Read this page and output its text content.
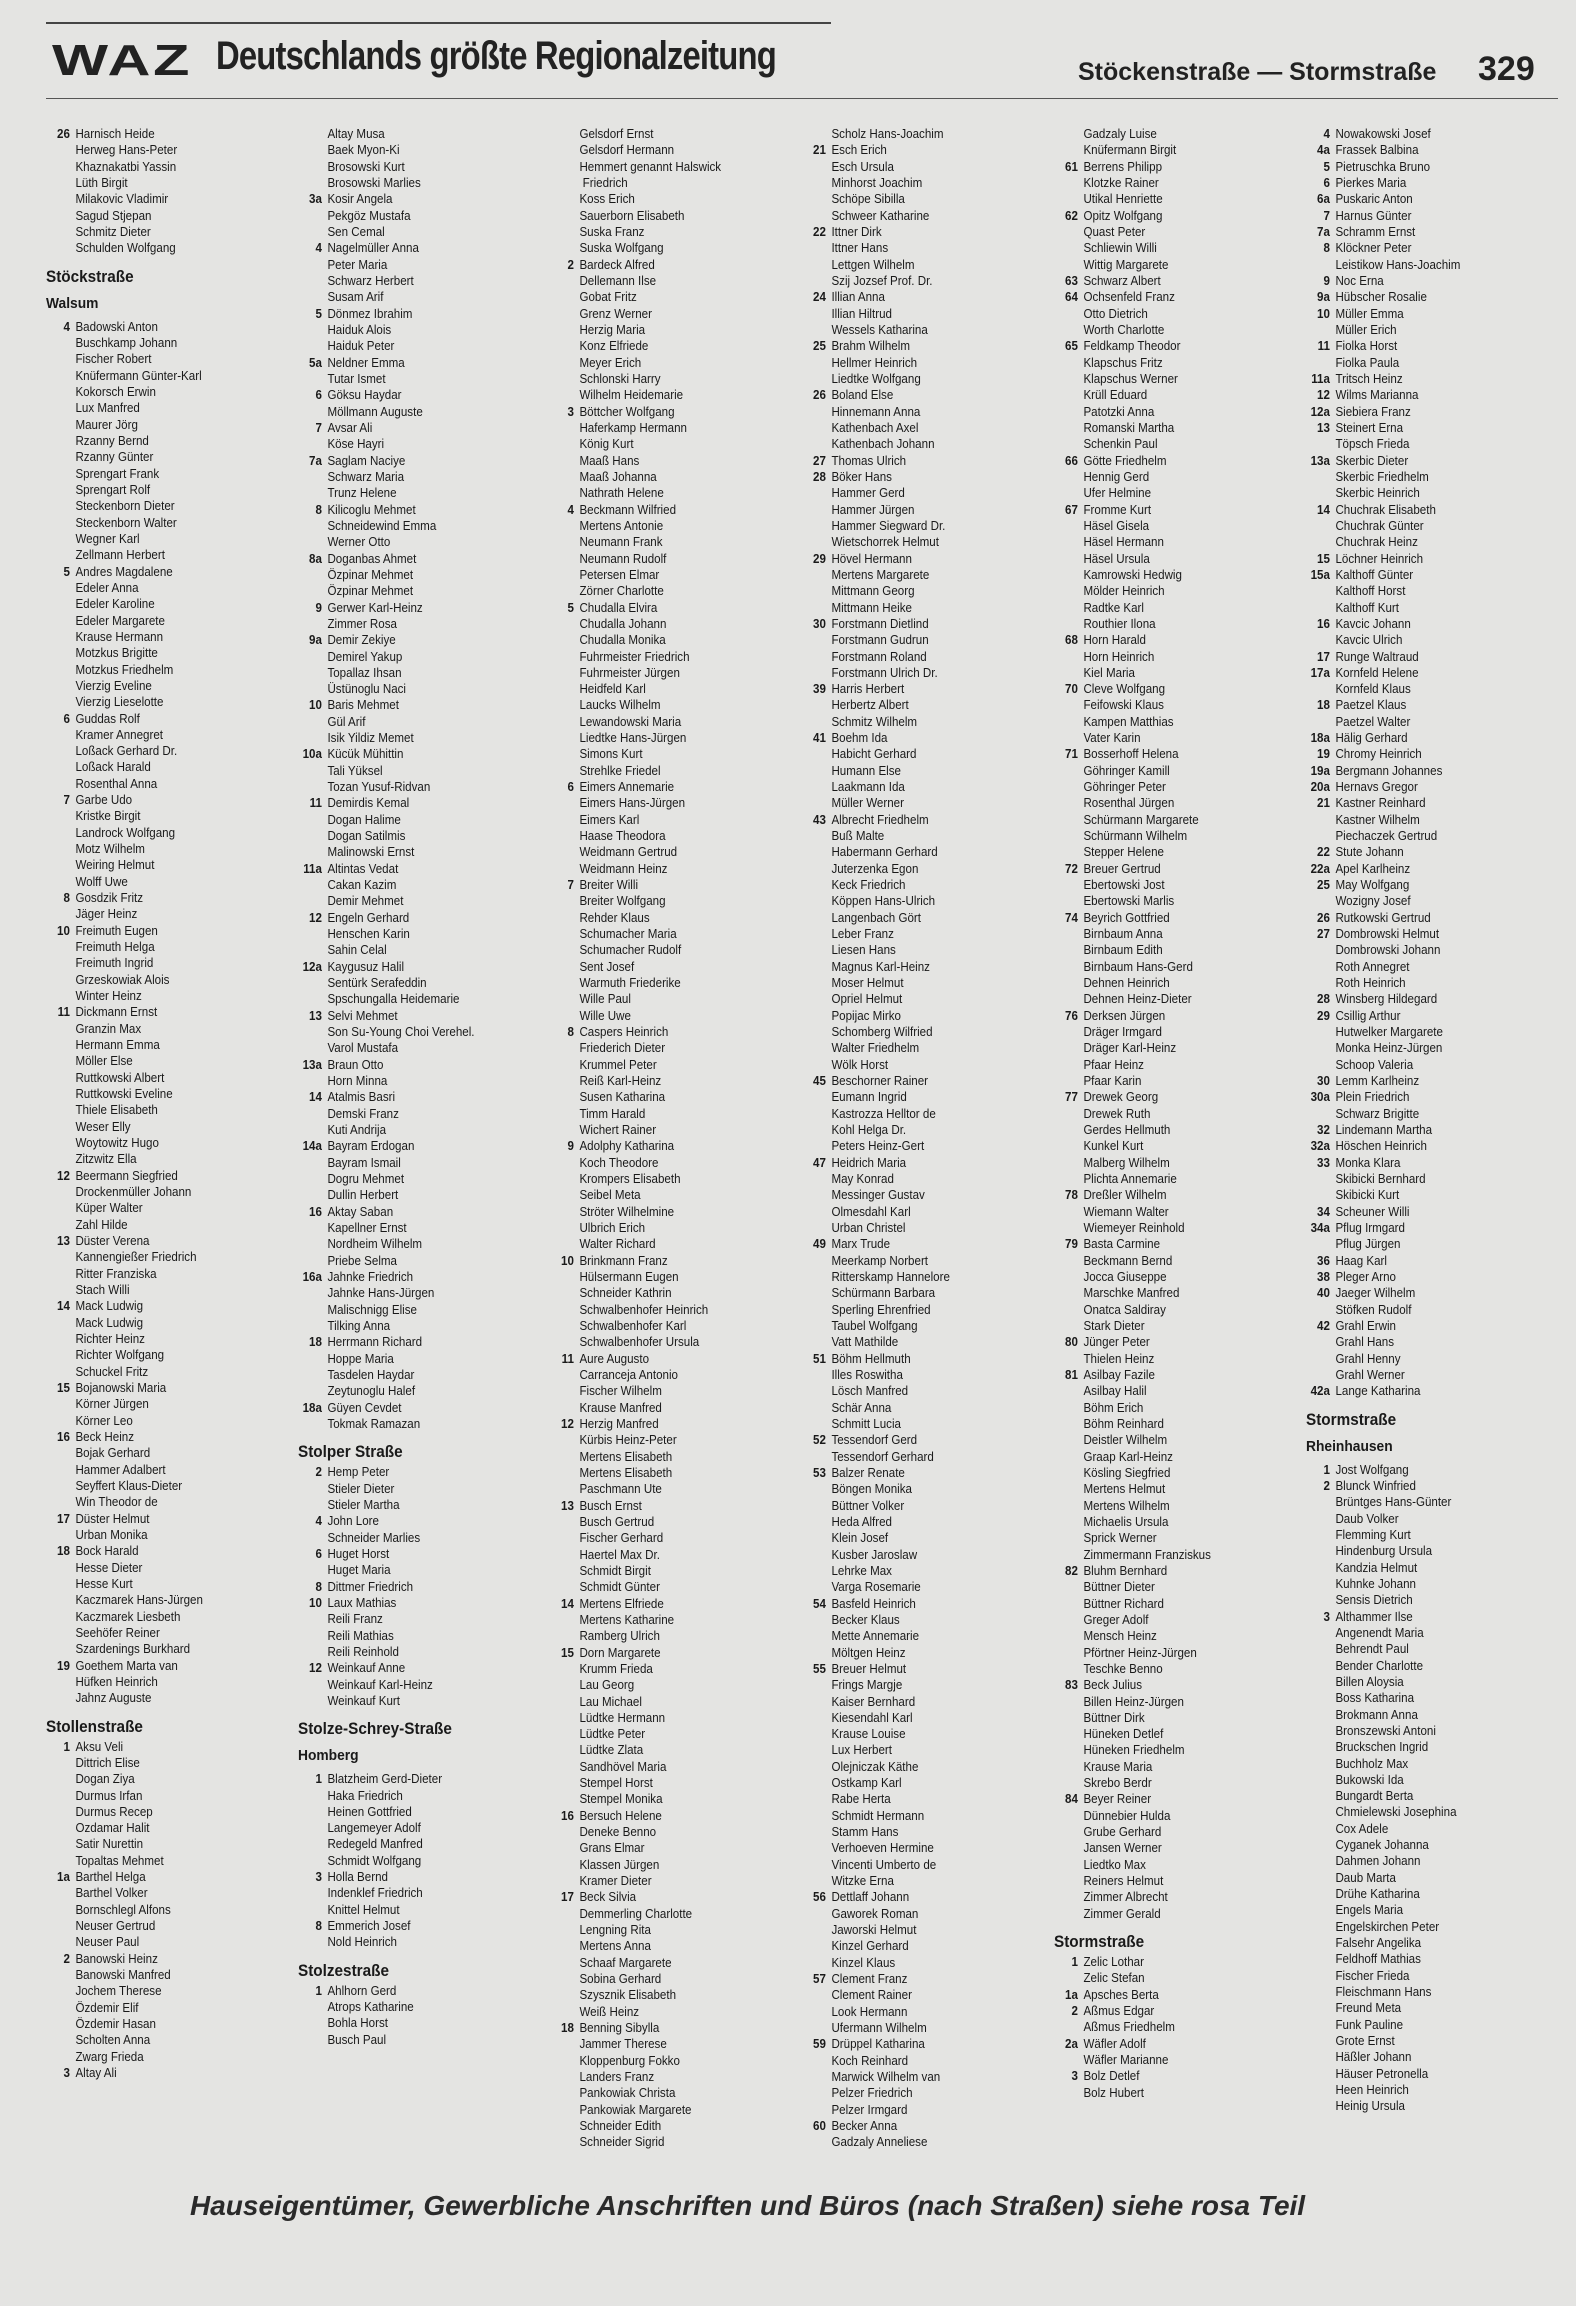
WAZ Deutschlands größte Regionalzeitung	Stöckenstraße — Stormstraße 329
26 Harnisch Heide
Herweg Hans-Peter
Khaznakatbi Yassin
Lüth Birgit
Milakovic Vladimir
Sagud Stjepan
Schmitz Dieter
Schulden Wolfgang
Stöckstraße
Walsum
4 Badowski Anton
Buschkamp Johann
Fischer Robert
Knüfermann Günter-Karl
Kokorsch Erwin
Lux Manfred
Maurer Jörg
Rzanny Bernd
Rzanny Günter
Sprengart Frank
Sprengart Rolf
Steckenborn Dieter
Steckenborn Walter
Wegner Karl
Zellmann Herbert
5 Andres Magdalene
Edeler Anna
Edeler Karoline
Edeler Margarete
Krause Hermann
Motzkus Brigitte
Motzkus Friedhelm
Vierzig Eveline
Vierzig Lieselotte
6 Guddas Rolf
Kramer Annegret
Loßack Gerhard Dr.
Loßack Harald
Rosenthal Anna
7 Garbe Udo
Kristke Birgit
Landrock Wolfgang
Motz Wilhelm
Weiring Helmut
Wolff Uwe
8 Gosdzik Fritz
Jäger Heinz
10 Freimuth Eugen
Freimuth Helga
Freimuth Ingrid
Grzeskowiak Alois
Winter Heinz
11 Dickmann Ernst
Granzin Max
Hermann Emma
Möller Else
Ruttkowski Albert
Ruttkowski Eveline
Thiele Elisabeth
Weser Elly
Woytowitz Hugo
Zitzwitz Ella
12 Beermann Siegfried
Drockenmüller Johann
Küper Walter
Zahl Hilde
13 Düster Verena
Kannengießer Friedrich
Ritter Franziska
Stach Willi
14 Mack Ludwig
Mack Ludwig
Richter Heinz
Richter Wolfgang
Schuckel Fritz
15 Bojanowski Maria
Körner Jürgen
Körner Leo
16 Beck Heinz
Bojak Gerhard
Hammer Adalbert
Seyffert Klaus-Dieter
Win Theodor de
17 Düster Helmut
Urban Monika
18 Bock Harald
Hesse Dieter
Hesse Kurt
Kaczmarek Hans-Jürgen
Kaczmarek Liesbeth
Seehöfer Reiner
Szardenings Burkhard
19 Goethem Marta van
Hüfken Heinrich
Jahnz Auguste
Stollenstraße
1 Aksu Veli
Dittrich Elise
Dogan Ziya
Durmus Irfan
Durmus Recep
Ozdamar Halit
Satir Nurettin
Topaltas Mehmet
1a Barthel Helga
Barthel Volker
Bornschlegl Alfons
Neuser Gertrud
Neuser Paul
2 Banowski Heinz
Banowski Manfred
Jochem Therese
Özdemir Elif
Özdemir Hasan
Scholten Anna
Zwarg Frieda
3 Altay Ali
Altay Musa
Baek Myon-Ki
Brosowski Kurt
Brosowski Marlies
3a Kosir Angela
Pekgöz Mustafa
Sen Cemal
4 Nagelmüller Anna
Peter Maria
Schwarz Herbert
Susam Arif
5 Dönmez Ibrahim
Haiduk Alois
Haiduk Peter
5a Neldner Emma
Tutar Ismet
6 Göksu Haydar
Möllmann Auguste
7 Avsar Ali
Köse Hayri
7a Saglam Naciye
Schwarz Maria
Trunz Helene
8 Kilicoglu Mehmet
Schneidewind Emma
Werner Otto
8a Doganbas Ahmet
Özpinar Mehmet
Özpinar Mehmet
9 Gerwer Karl-Heinz
Zimmer Rosa
9a Demir Zekiye
Demirel Yakup
Topallaz Ihsan
Üstünoglu Naci
10 Baris Mehmet
Gül Arif
Isik Yildiz Memet
10a Kücük Mühittin
Tali Yüksel
Tozan Yusuf-Ridvan
11 Demirdis Kemal
Dogan Halime
Dogan Satilmis
Malinowski Ernst
11a Altintas Vedat
Cakan Kazim
Demir Mehmet
12 Engeln Gerhard
Henschen Karin
Sahin Celal
12a Kaygusuz Halil
Sentürk Serafeddin
Spschungalla Heidemarie
13 Selvi Mehmet
Son Su-Young Choi Verehel.
Varol Mustafa
13a Braun Otto
Horn Minna
14 Atalmis Basri
Demski Franz
Kuti Andrija
14a Bayram Erdogan
Bayram Ismail
Dogru Mehmet
Dullin Herbert
16 Aktay Saban
Kapellner Ernst
Nordheim Wilhelm
Priebe Selma
16a Jahnke Friedrich
Jahnke Hans-Jürgen
Malischnigg Elise
Tilking Anna
18 Herrmann Richard
Hoppe Maria
Tasdelen Haydar
Zeytunoglu Halef
18a Güyen Cevdet
Tokmak Ramazan
Stolper Straße
2 Hemp Peter
Stieler Dieter
Stieler Martha
4 John Lore
Schneider Marlies
6 Huget Horst
Huget Maria
8 Dittmer Friedrich
10 Laux Mathias
Reili Franz
Reili Mathias
Reili Reinhold
12 Weinkauf Anne
Weinkauf Karl-Heinz
Weinkauf Kurt
Stolze-Schrey-Straße
Homberg
1 Blatzheim Gerd-Dieter
Haka Friedrich
Heinen Gottfried
Langemeyer Adolf
Redegeld Manfred
Schmidt Wolfgang
3 Holla Bernd
Indenklef Friedrich
Knittel Helmut
8 Emmerich Josef
Nold Heinrich
Stolzestraße
1 Ahlhorn Gerd
Atrops Katharine
Bohla Horst
Busch Paul
Gelsdorf Ernst
Gelsdorf Hermann
Hemmert genannt Halswick
Friedrich
Koss Erich
Sauerborn Elisabeth
Suska Franz
Suska Wolfgang
2 Bardeck Alfred
Dellemann Ilse
Gobat Fritz
Grenz Werner
Herzig Maria
Konz Elfriede
Meyer Erich
Schlonski Harry
Wilhelm Heidemarie
3 Böttcher Wolfgang
Haferkamp Hermann
König Kurt
Maaß Hans
Maaß Johanna
Nathrath Helene
4 Beckmann Wilfried
Mertens Antonie
Neumann Frank
Neumann Rudolf
Petersen Elmar
Zörner Charlotte
5 Chudalla Elvira
Chudalla Johann
Chudalla Monika
Fuhrmeister Friedrich
Fuhrmeister Jürgen
Heidfeld Karl
Laucks Wilhelm
Lewandowski Maria
Liedtke Hans-Jürgen
Simons Kurt
Strehlke Friedel
6 Eimers Annemarie
Eimers Hans-Jürgen
Eimers Karl
Haase Theodora
Weidmann Gertrud
Weidmann Heinz
7 Breiter Willi
Breiter Wolfgang
Rehder Klaus
Schumacher Maria
Schumacher Rudolf
Sent Josef
Warmuth Friederike
Wille Paul
Wille Uwe
8 Caspers Heinrich
Friederich Dieter
Krummel Peter
Reiß Karl-Heinz
Susen Katharina
Timm Harald
Wichert Rainer
9 Adolphy Katharina
Koch Theodore
Krompers Elisabeth
Seibel Meta
Ströter Wilhelmine
Ulbrich Erich
Walter Richard
10 Brinkmann Franz
Hülsermann Eugen
Schneider Kathrin
Schwalbenhofer Heinrich
Schwalbenhofer Karl
Schwalbenhofer Ursula
11 Aure Augusto
Carranceja Antonio
Fischer Wilhelm
Krause Manfred
12 Herzig Manfred
Kürbis Heinz-Peter
Mertens Elisabeth
Mertens Elisabeth
Paschmann Ute
13 Busch Ernst
Busch Gertrud
Fischer Gerhard
Haertel Max Dr.
Schmidt Birgit
Schmidt Günter
14 Mertens Elfriede
Mertens Katharine
Ramberg Ulrich
15 Dorn Margarete
Krumm Frieda
Lau Georg
Lau Michael
Lüdtke Hermann
Lüdtke Peter
Lüdtke Zlata
Sandhövel Maria
Stempel Horst
Stempel Monika
16 Bersuch Helene
Deneke Benno
Grans Elmar
Klassen Jürgen
Kramer Dieter
17 Beck Silvia
Demmerling Charlotte
Lengning Rita
Mertens Anna
Schaaf Margarete
Sobina Gerhard
Szysznik Elisabeth
Weiß Heinz
18 Benning Sibylla
Jammer Therese
Kloppenburg Fokko
Landers Franz
Pankowiak Christa
Pankowiak Margarete
Schneider Edith
Schneider Sigrid
Scholz Hans-Joachim
21 Esch Erich
Esch Ursula
Minhorst Joachim
Schöpe Sibilla
Schweer Katharine
22 Ittner Dirk
Ittner Hans
Lettgen Wilhelm
Szij Jozsef Prof. Dr.
24 Illian Anna
Illian Hiltrud
Wessels Katharina
25 Brahm Wilhelm
Hellmer Heinrich
Liedtke Wolfgang
26 Boland Else
Hinnemann Anna
Kathenbach Axel
Kathenbach Johann
27 Thomas Ulrich
28 Böker Hans
Hammer Gerd
Hammer Jürgen
Hammer Siegward Dr.
Wietschorrek Helmut
29 Hövel Hermann
Mertens Margarete
Mittmann Georg
Mittmann Heike
30 Forstmann Dietlind
Forstmann Gudrun
Forstmann Roland
Forstmann Ulrich Dr.
39 Harris Herbert
Herbertz Albert
Schmitz Wilhelm
41 Boehm Ida
Habicht Gerhard
Humann Else
Laakmann Ida
Müller Werner
43 Albrecht Friedhelm
Buß Malte
Habermann Gerhard
Juterzenka Egon
Keck Friedrich
Köppen Hans-Ulrich
Langenbach Gört
Leber Franz
Liesen Hans
Magnus Karl-Heinz
Moser Helmut
Opriel Helmut
Popijac Mirko
Schomberg Wilfried
Walter Friedhelm
Wölk Horst
45 Beschorner Rainer
Eumann Ingrid
Kastrozza Helltor de
Kohl Helga Dr.
Peters Heinz-Gert
47 Heidrich Maria
May Konrad
Messinger Gustav
Olmesdahl Karl
Urban Christel
49 Marx Trude
Meerkamp Norbert
Ritterskamp Hannelore
Schürmann Barbara
Sperling Ehrenfried
Taubel Wolfgang
Vatt Mathilde
51 Böhm Hellmuth
Illes Roswitha
Lösch Manfred
Schär Anna
Schmitt Lucia
52 Tessendorf Gerd
Tessendorf Gerhard
53 Balzer Renate
Böngen Monika
Büttner Volker
Heda Alfred
Klein Josef
Kusber Jaroslaw
Lehrke Max
Varga Rosemarie
54 Basfeld Heinrich
Becker Klaus
Mette Annemarie
Möltgen Heinz
55 Breuer Helmut
Frings Margje
Kaiser Bernhard
Kiesendahl Karl
Krause Louise
Lux Herbert
Olejniczak Käthe
Ostkamp Karl
Rabe Herta
Schmidt Hermann
Stamm Hans
Verhoeven Hermine
Vincenti Umberto de
Witzke Erna
56 Dettlaff Johann
Gaworek Roman
Jaworski Helmut
Kinzel Gerhard
Kinzel Klaus
57 Clement Franz
Clement Rainer
Look Hermann
Ufermann Wilhelm
59 Drüppel Katharina
Koch Reinhard
Marwick Wilhelm van
Pelzer Friedrich
Pelzer Irmgard
60 Becker Anna
Gadzaly Anneliese
Gadzaly Luise
Knüfermann Birgit
61 Berrens Philipp
Klotzke Rainer
Utikal Henriette
62 Opitz Wolfgang
Quast Peter
Schliewin Willi
Wittig Margarete
63 Schwarz Albert
64 Ochsenfeld Franz
Otto Dietrich
Worth Charlotte
65 Feldkamp Theodor
Klapschus Fritz
Klapschus Werner
Krüll Eduard
Patotzki Anna
Romanski Martha
Schenkin Paul
66 Götte Friedhelm
Hennig Gerd
Ufer Helmine
67 Fromme Kurt
Häsel Gisela
Häsel Hermann
Häsel Ursula
Kamrowski Hedwig
Mölder Heinrich
Radtke Karl
Routhier Ilona
68 Horn Harald
Horn Heinrich
Kiel Maria
70 Cleve Wolfgang
Feifowski Klaus
Kampen Matthias
Vater Karin
71 Bosserhoff Helena
Göhringer Kamill
Göhringer Peter
Rosenthal Jürgen
Schürmann Margarete
Schürmann Wilhelm
Stepper Helene
72 Breuer Gertrud
Ebertowski Jost
Ebertowski Marlis
74 Beyrich Gottfried
Birnbaum Anna
Birnbaum Edith
Birnbaum Hans-Gerd
Dehnen Heinrich
Dehnen Heinz-Dieter
76 Derksen Jürgen
Dräger Irmgard
Dräger Karl-Heinz
Pfaar Heinz
Pfaar Karin
77 Drewek Georg
Drewek Ruth
Gerdes Hellmuth
Kunkel Kurt
Malberg Wilhelm
Plichta Annemarie
78 Dreßler Wilhelm
Wiemann Walter
Wiemeyer Reinhold
79 Basta Carmine
Beckmann Bernd
Jocca Giuseppe
Marschke Manfred
Onatca Saldiray
Stark Dieter
80 Jünger Peter
Thielen Heinz
81 Asilbay Fazile
Asilbay Halil
Böhm Erich
Böhm Reinhard
Deistler Wilhelm
Graap Karl-Heinz
Kösling Siegfried
Mertens Helmut
Mertens Wilhelm
Michaelis Ursula
Sprick Werner
Zimmermann Franziskus
82 Bluhm Bernhard
Büttner Dieter
Büttner Richard
Greger Adolf
Mensch Heinz
Pförtner Heinz-Jürgen
Teschke Benno
83 Beck Julius
Billen Heinz-Jürgen
Büttner Dirk
Hüneken Detlef
Hüneken Friedhelm
Krause Maria
Skrebo Berdr
84 Beyer Reiner
Dünnebier Hulda
Grube Gerhard
Jansen Werner
Liedtko Max
Reiners Helmut
Zimmer Albrecht
Zimmer Gerald
Stormstraße
1 Zelic Lothar
Zelic Stefan
1a Apsches Berta
2 Aßmus Edgar
Aßmus Friedhelm
2a Wäfler Adolf
Wäfler Marianne
3 Bolz Detlef
Bolz Hubert
4 Nowakowski Josef
4a Frassek Balbina
5 Pietruschka Bruno
6 Pierkes Maria
6a Puskaric Anton
7 Harnus Günter
7a Schramm Ernst
8 Klöckner Peter
Leistikow Hans-Joachim
9 Noc Erna
9a Hübscher Rosalie
10 Müller Emma
Müller Erich
11 Fiolka Horst
Fiolka Paula
11a Tritsch Heinz
12 Wilms Marianna
12a Siebiera Franz
13 Steinert Erna
Töpsch Frieda
13a Skerbic Dieter
Skerbic Friedhelm
Skerbic Heinrich
14 Chuchrak Elisabeth
Chuchrak Günter
Chuchrak Heinz
15 Löchner Heinrich
15a Kalthoff Günter
Kalthoff Horst
Kalthoff Kurt
16 Kavcic Johann
Kavcic Ulrich
17 Runge Waltraud
17a Kornfeld Helene
Kornfeld Klaus
18 Paetzel Klaus
Paetzel Walter
18a Hälig Gerhard
19 Chromy Heinrich
19a Bergmann Johannes
20a Hernavs Gregor
21 Kastner Reinhard
Kastner Wilhelm
Piechaczek Gertrud
22 Stute Johann
22a Apel Karlheinz
25 May Wolfgang
Wozigny Josef
26 Rutkowski Gertrud
27 Dombrowski Helmut
Dombrowski Johann
Roth Annegret
Roth Heinrich
28 Winsberg Hildegard
29 Csillig Arthur
Hutwelker Margarete
Monka Heinz-Jürgen
Schoop Valeria
30 Lemm Karlheinz
30a Plein Friedrich
Schwarz Brigitte
32 Lindemann Martha
32a Höschen Heinrich
33 Monka Klara
Skibicki Bernhard
Skibicki Kurt
34 Scheuner Willi
34a Pflug Irmgard
Pflug Jürgen
36 Haag Karl
38 Pleger Arno
40 Jaeger Wilhelm
Stöfken Rudolf
42 Grahl Erwin
Grahl Hans
Grahl Henny
Grahl Werner
42a Lange Katharina
Stormstraße
Rheinhausen
1 Jost Wolfgang
2 Blunck Winfried
Brüntges Hans-Günter
Daub Volker
Flemming Kurt
Hindenburg Ursula
Kandzia Helmut
Kuhnke Johann
Sensis Dietrich
3 Althammer Ilse
Angenendt Maria
Behrendt Paul
Bender Charlotte
Billen Aloysia
Boss Katharina
Brokmann Anna
Bronszewski Antoni
Bruckschen Ingrid
Buchholz Max
Bukowski Ida
Bungardt Berta
Chmielewski Josephina
Cox Adele
Cyganek Johanna
Dahmen Johann
Daub Marta
Drühe Katharina
Engels Maria
Engelskirchen Peter
Falsehr Angelika
Feldhoff Mathias
Fischer Frieda
Fleischmann Hans
Freund Meta
Funk Pauline
Grote Ernst
Häßler Johann
Häuser Petronella
Heen Heinrich
Heinig Ursula
Hauseigentümer, Gewerbliche Anschriften und Büros (nach Straßen) siehe rosa Teil
